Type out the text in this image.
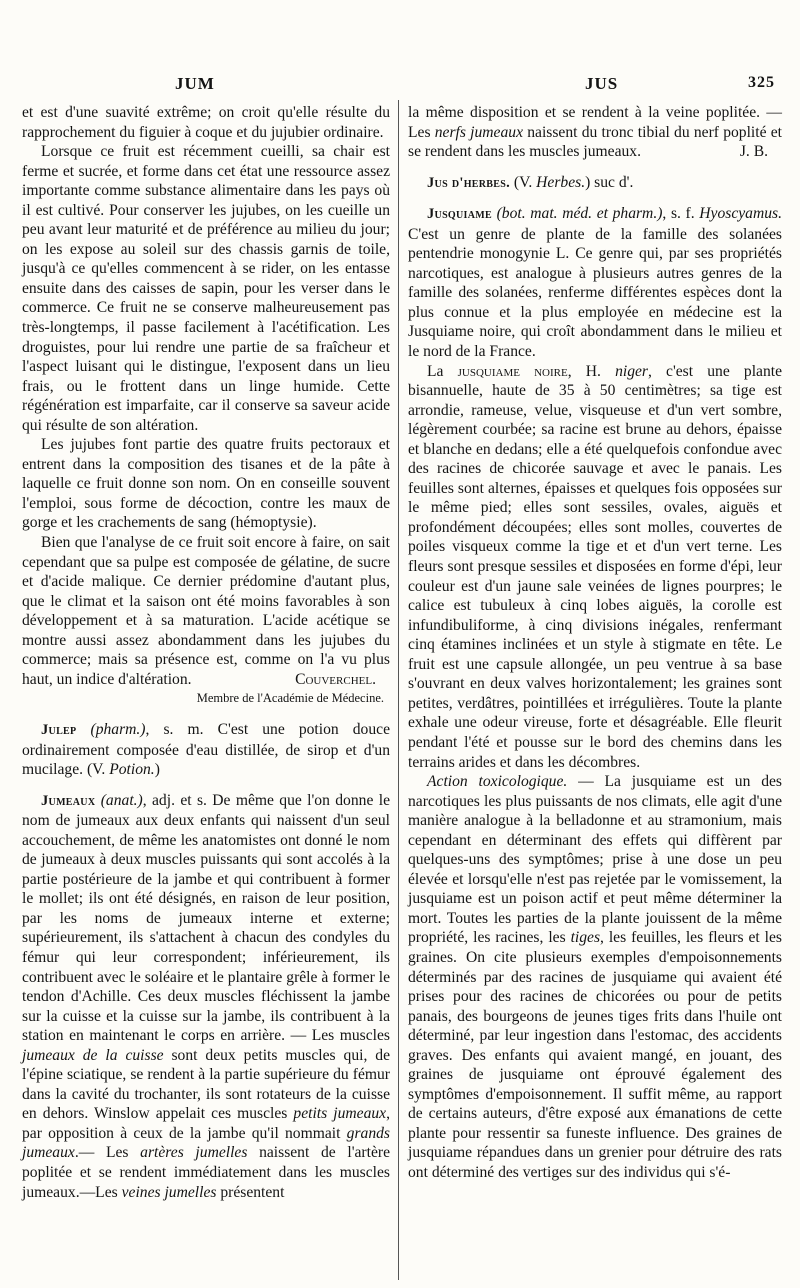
JUM	JUS	325

et est d'une suavité extrême; on croit qu'elle résulte du rapprochement du figuier à coque et du jujubier ordinaire.

Lorsque ce fruit est récemment cueilli, sa chair est ferme et sucrée, et forme dans cet état une ressource assez importante comme substance alimentaire dans les pays où il est cultivé. Pour conserver les jujubes, on les cueille un peu avant leur maturité et de préférence au milieu du jour; on les expose au soleil sur des chassis garnis de toile, jusqu'à ce qu'elles commencent à se rider, on les entasse ensuite dans des caisses de sapin, pour les verser dans le commerce. Ce fruit ne se conserve malheureusement pas très-longtemps, il passe facilement à l'acétification. Les droguistes, pour lui rendre une partie de sa fraîcheur et l'aspect luisant qui le distingue, l'exposent dans un lieu frais, ou le frottent dans un linge humide. Cette régénération est imparfaite, car il conserve sa saveur acide qui résulte de son altération.

Les jujubes font partie des quatre fruits pectoraux et entrent dans la composition des tisanes et de la pâte à laquelle ce fruit donne son nom. On en conseille souvent l'emploi, sous forme de décoction, contre les maux de gorge et les crachements de sang (hémoptysie).

Bien que l'analyse de ce fruit soit encore à faire, on sait cependant que sa pulpe est composée de gélatine, de sucre et d'acide malique. Ce dernier prédomine d'autant plus, que le climat et la saison ont été moins favorables à son développement et à sa maturation. L'acide acétique se montre aussi assez abondamment dans les jujubes du commerce; mais sa présence est, comme on l'a vu plus haut, un indice d'altération.	Couverchel.

Membre de l'Académie de Médecine.

Julep (pharm.), s. m. C'est une potion douce ordinairement composée d'eau distillée, de sirop et d'un mucilage. (V. Potion.)

Jumeaux (anat.), adj. et s. De même que l'on donne le nom de jumeaux aux deux enfants qui naissent d'un seul accouchement, de même les anatomistes ont donné le nom de jumeaux à deux muscles puissants qui sont accolés à la partie postérieure de la jambe et qui contribuent à former le mollet; ils ont été désignés, en raison de leur position, par les noms de jumeaux interne et externe; supérieurement, ils s'attachent à chacun des condyles du fémur qui leur correspondent; inférieurement, ils contribuent avec le soléaire et le plantaire grêle à former le tendon d'Achille. Ces deux muscles fléchissent la jambe sur la cuisse et la cuisse sur la jambe, ils contribuent à la station en maintenant le corps en arrière. — Les muscles jumeaux de la cuisse sont deux petits muscles qui, de l'épine sciatique, se rendent à la partie supérieure du fémur dans la cavité du trochanter, ils sont rotateurs de la cuisse en dehors. Winslow appelait ces muscles petits jumeaux, par opposition à ceux de la jambe qu'il nommait grands jumeaux.— Les artères jumelles naissent de l'artère poplitée et se rendent immédiatement dans les muscles jumeaux.—Les veines jumelles présentent

la même disposition et se rendent à la veine poplitée. — Les nerfs jumeaux naissent du tronc tibial du nerf poplité et se rendent dans les muscles jumeaux.	J. B.

Jus d'herbes. (V. Herbes.) suc d'.

Jusquiame (bot. mat. méd. et pharm.), s. f. Hyoscyamus. C'est un genre de plante de la famille des solanées pentendrie monogynie L. Ce genre qui, par ses propriétés narcotiques, est analogue à plusieurs autres genres de la famille des solanées, renferme différentes espèces dont la plus connue et la plus employée en médecine est la Jusquiame noire, qui croît abondamment dans le milieu et le nord de la France.

La jusquiame noire, H. niger, c'est une plante bisannuelle, haute de 35 à 50 centimètres; sa tige est arrondie, rameuse, velue, visqueuse et d'un vert sombre, légèrement courbée; sa racine est brune au dehors, épaisse et blanche en dedans; elle a été quelquefois confondue avec des racines de chicorée sauvage et avec le panais. Les feuilles sont alternes, épaisses et quelques fois opposées sur le même pied; elles sont sessiles, ovales, aiguës et profondément découpées; elles sont molles, couvertes de poiles visqueux comme la tige et et d'un vert terne. Les fleurs sont presque sessiles et disposées en forme d'épi, leur couleur est d'un jaune sale veinées de lignes pourpres; le calice est tubuleux à cinq lobes aiguës, la corolle est infundibuliforme, à cinq divisions inégales, renfermant cinq étamines inclinées et un style à stigmate en tête. Le fruit est une capsule allongée, un peu ventrue à sa base s'ouvrant en deux valves horizontalement; les graines sont petites, verdâtres, pointillées et irrégulières. Toute la plante exhale une odeur vireuse, forte et désagréable. Elle fleurit pendant l'été et pousse sur le bord des chemins dans les terrains arides et dans les décombres.

Action toxicologique. — La jusquiame est un des narcotiques les plus puissants de nos climats, elle agit d'une manière analogue à la belladonne et au stramonium, mais cependant en déterminant des effets qui diffèrent par quelques-uns des symptômes; prise à une dose un peu élevée et lorsqu'elle n'est pas rejetée par le vomissement, la jusquiame est un poison actif et peut même déterminer la mort. Toutes les parties de la plante jouissent de la même propriété, les racines, les tiges, les feuilles, les fleurs et les graines. On cite plusieurs exemples d'empoisonnements déterminés par des racines de jusquiame qui avaient été prises pour des racines de chicorées ou pour de petits panais, des bourgeons de jeunes tiges frits dans l'huile ont déterminé, par leur ingestion dans l'estomac, des accidents graves. Des enfants qui avaient mangé, en jouant, des graines de jusquiame ont éprouvé également des symptômes d'empoisonnement. Il suffit même, au rapport de certains auteurs, d'être exposé aux émanations de cette plante pour ressentir sa funeste influence. Des graines de jusquiame répandues dans un grenier pour détruire des rats ont déterminé des vertiges sur des individus qui s'é-
